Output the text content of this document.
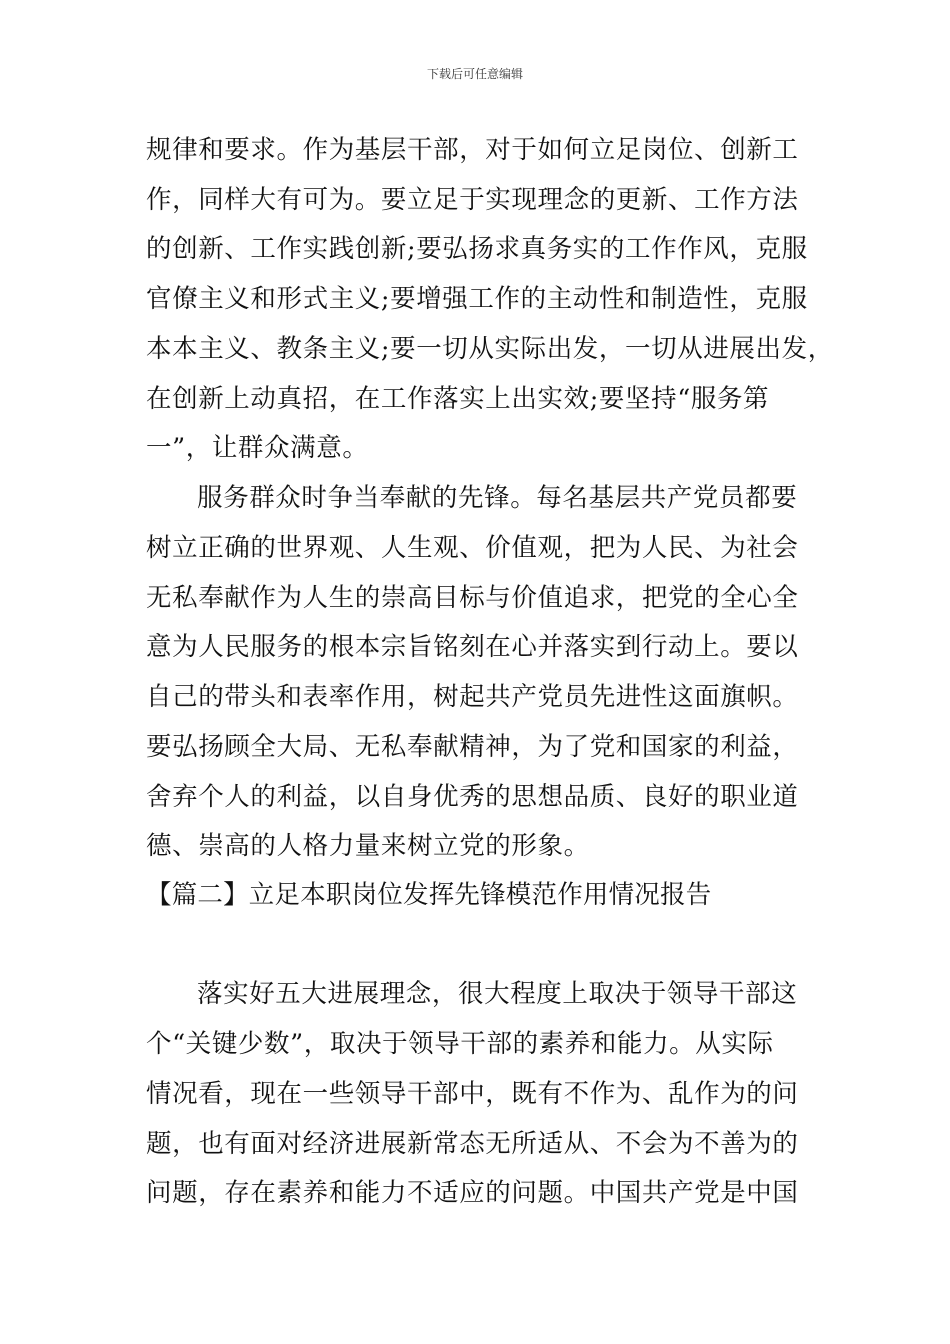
下载后可任意编辑

规律和要求。作为基层干部，对于如何立足岗位、创新工

作，同样大有可为。要立足于实现理念的更新、工作方法

的创新、工作实践创新;要弘扬求真务实的工作作风，克服

官僚主义和形式主义;要增强工作的主动性和制造性，克服

本本主义、教条主义;要一切从实际出发，一切从进展出发，

在创新上动真招，在工作落实上出实效;要坚持“服务第

一”，让群众满意。

服务群众时争当奉献的先锋。每名基层共产党员都要

树立正确的世界观、人生观、价值观，把为人民、为社会

无私奉献作为人生的崇高目标与价值追求，把党的全心全

意为人民服务的根本宗旨铭刻在心并落实到行动上。要以

自己的带头和表率作用，树起共产党员先进性这面旗帜。

要弘扬顾全大局、无私奉献精神，为了党和国家的利益，

舍弃个人的利益，以自身优秀的思想品质、良好的职业道

德、崇高的人格力量来树立党的形象。

【篇二】立足本职岗位发挥先锋模范作用情况报告

落实好五大进展理念，很大程度上取决于领导干部这

个“关键少数”，取决于领导干部的素养和能力。从实际

情况看，现在一些领导干部中，既有不作为、乱作为的问

题，也有面对经济进展新常态无所适从、不会为不善为的

问题，存在素养和能力不适应的问题。中国共产党是中国
